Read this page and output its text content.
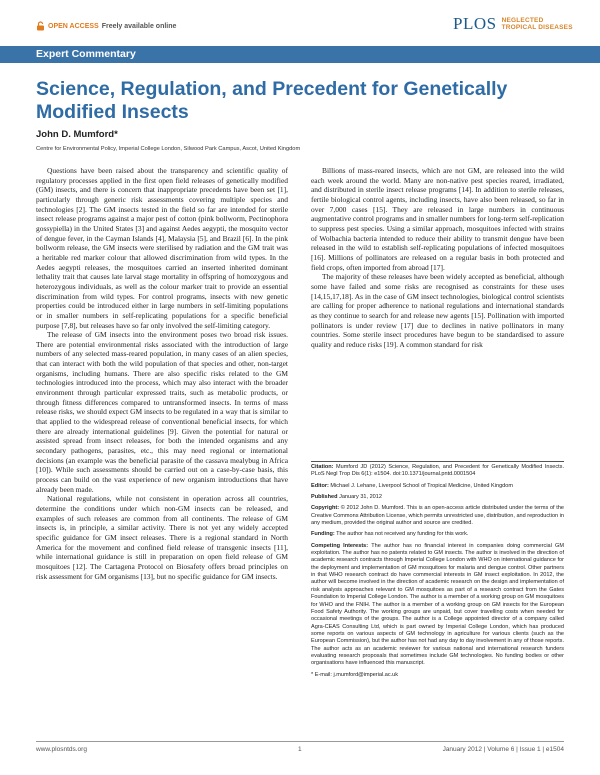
OPEN ACCESS Freely available online	PLOS NEGLECTED
TROPICAL DISEASES
Expert Commentary
Science, Regulation, and Precedent for Genetically Modified Insects
John D. Mumford*
Centre for Environmental Policy, Imperial College London, Silwood Park Campus, Ascot, United Kingdom

Questions have been raised about the transparency and scientific quality of regulatory processes applied in the first open field releases of genetically modified (GM) insects, and there is concern that inappropriate precedents have been set [1], particularly through generic risk assessments covering multiple species and technologies [2]. The GM insects tested in the field so far are intended for sterile insect release programs against a major pest of cotton (pink bollworm, Pectinophora gossypiella) in the United States [3] and against Aedes aegypti, the mosquito vector of dengue fever, in the Cayman Islands [4], Malaysia [5], and Brazil [6]. In the pink bollworm release, the GM insects were sterilised by radiation and the GM trait was a heritable red marker colour that allowed discrimination from wild types. In the Aedes aegypti releases, the mosquitoes carried an inserted inherited dominant lethality trait that causes late larval stage mortality in offspring of homozygous and heterozygous individuals, as well as the colour marker trait to provide an essential discrimination from wild types. For control programs, insects with new genetic properties could be introduced either in large numbers in self-limiting populations or in smaller numbers in self-replicating populations for a specific beneficial purpose [7,8], but releases have so far only involved the self-limiting category.

The release of GM insects into the environment poses two broad risk issues. There are potential environmental risks associated with the introduction of large numbers of any selected mass-reared population, in many cases of an alien species, that can interact with both the wild population of that species and other, non-target organisms, including humans. There are also specific risks related to the GM technologies introduced into the process, which may also interact with the broader environment through particular expressed traits, such as metabolic products, or through fitness differences compared to untransformed insects. In terms of mass release risks, we should expect GM insects to be regulated in a way that is similar to that applied to the widespread release of conventional beneficial insects, for which there are already international guidelines [9]. Given the potential for natural or assisted spread from insect releases, for both the intended organisms and any secondary pathogens, parasites, etc., this may need regional or international decisions (an example was the beneficial parasite of the cassava mealybug in Africa [10]). While such assessments should be carried out on a case-by-case basis, this process can build on the vast experience of new organism introductions that have already been made.

National regulations, while not consistent in operation across all countries, determine the conditions under which non-GM insects can be released, and examples of such releases are common from all continents. The release of GM insects is, in principle, a similar activity. There is not yet any widely accepted specific guidance for GM insect releases. There is a regional standard in North America for the movement and confined field release of transgenic insects [11], while international guidance is still in preparation on open field release of GM mosquitoes [12]. The Cartagena Protocol on Biosafety offers broad principles on risk assessment for GM organisms [13], but no specific guidance for GM insects.

Billions of mass-reared insects, which are not GM, are released into the wild each week around the world. Many are non-native pest species reared, irradiated, and distributed in sterile insect release programs [14]. In addition to sterile releases, fertile biological control agents, including insects, have also been released, so far in over 7,000 cases [15]. They are released in large numbers in continuous augmentative control programs and in smaller numbers for long-term self-replication to suppress pest species. Using a similar approach, mosquitoes infected with strains of Wolbachia bacteria intended to reduce their ability to transmit dengue have been released in the wild to establish self-replicating populations of infected mosquitoes [16]. Millions of pollinators are released on a regular basis in both protected and field crops, often imported from abroad [17].

The majority of these releases have been widely accepted as beneficial, although some have failed and some risks are recognised as constraints for these uses [14,15,17,18]. As in the case of GM insect technologies, biological control scientists are calling for proper adherence to national regulations and international standards as they continue to search for and release new agents [15]. Pollination with imported pollinators is under review [17] due to declines in native pollinators in many countries. Some sterile insect procedures have begun to be standardised to assure quality and reduce risks [19]. A common standard for risk

Citation: Mumford JD (2012) Science, Regulation, and Precedent for Genetically Modified Insects. PLoS Negl Trop Dis 6(1): e1504. doi:10.1371/journal.pntd.0001504

Editor: Michael J. Lehane, Liverpool School of Tropical Medicine, United Kingdom

Published January 31, 2012

Copyright: © 2012 John D. Mumford. This is an open-access article distributed under the terms of the Creative Commons Attribution License, which permits unrestricted use, distribution, and reproduction in any medium, provided the original author and source are credited.

Funding: The author has not received any funding for this work.

Competing Interests: The author has no financial interest in companies doing commercial GM exploitation. The author has no patents related to GM insects. The author is involved in the direction of academic research contracts through Imperial College London with WHO on international guidance for the deployment and implementation of GM mosquitoes for malaria and dengue control. Other partners in that WHO research contract do have commercial interests in GM insect exploitation. In 2012, the author will become involved in the direction of academic research on the design and implementation of risk analysis approaches relevant to GM mosquitoes as part of a research contract from the Gates Foundation to Imperial College London. The author is a member of a working group on GM mosquitoes for WHO and the FNIH. The author is a member of a working group on GM insects for the European Food Safety Authority. The working groups are unpaid, but cover travelling costs when needed for occasional meetings of the groups. The author is a College appointed director of a company called Agra-CEAS Consulting Ltd, which is part owned by Imperial College London, which has produced some reports on various aspects of GM technology in agriculture for various clients (such as the European Commission), but the author has not had any day to day involvement in any of those reports. The author acts as an academic reviewer for various national and international research funders evaluating research proposals that sometimes include GM technologies. No funding bodies or other organisations have influenced this manuscript.

* E-mail: j.mumford@imperial.ac.uk

www.plosntds.org	1	January 2012 | Volume 6 | Issue 1 | e1504
